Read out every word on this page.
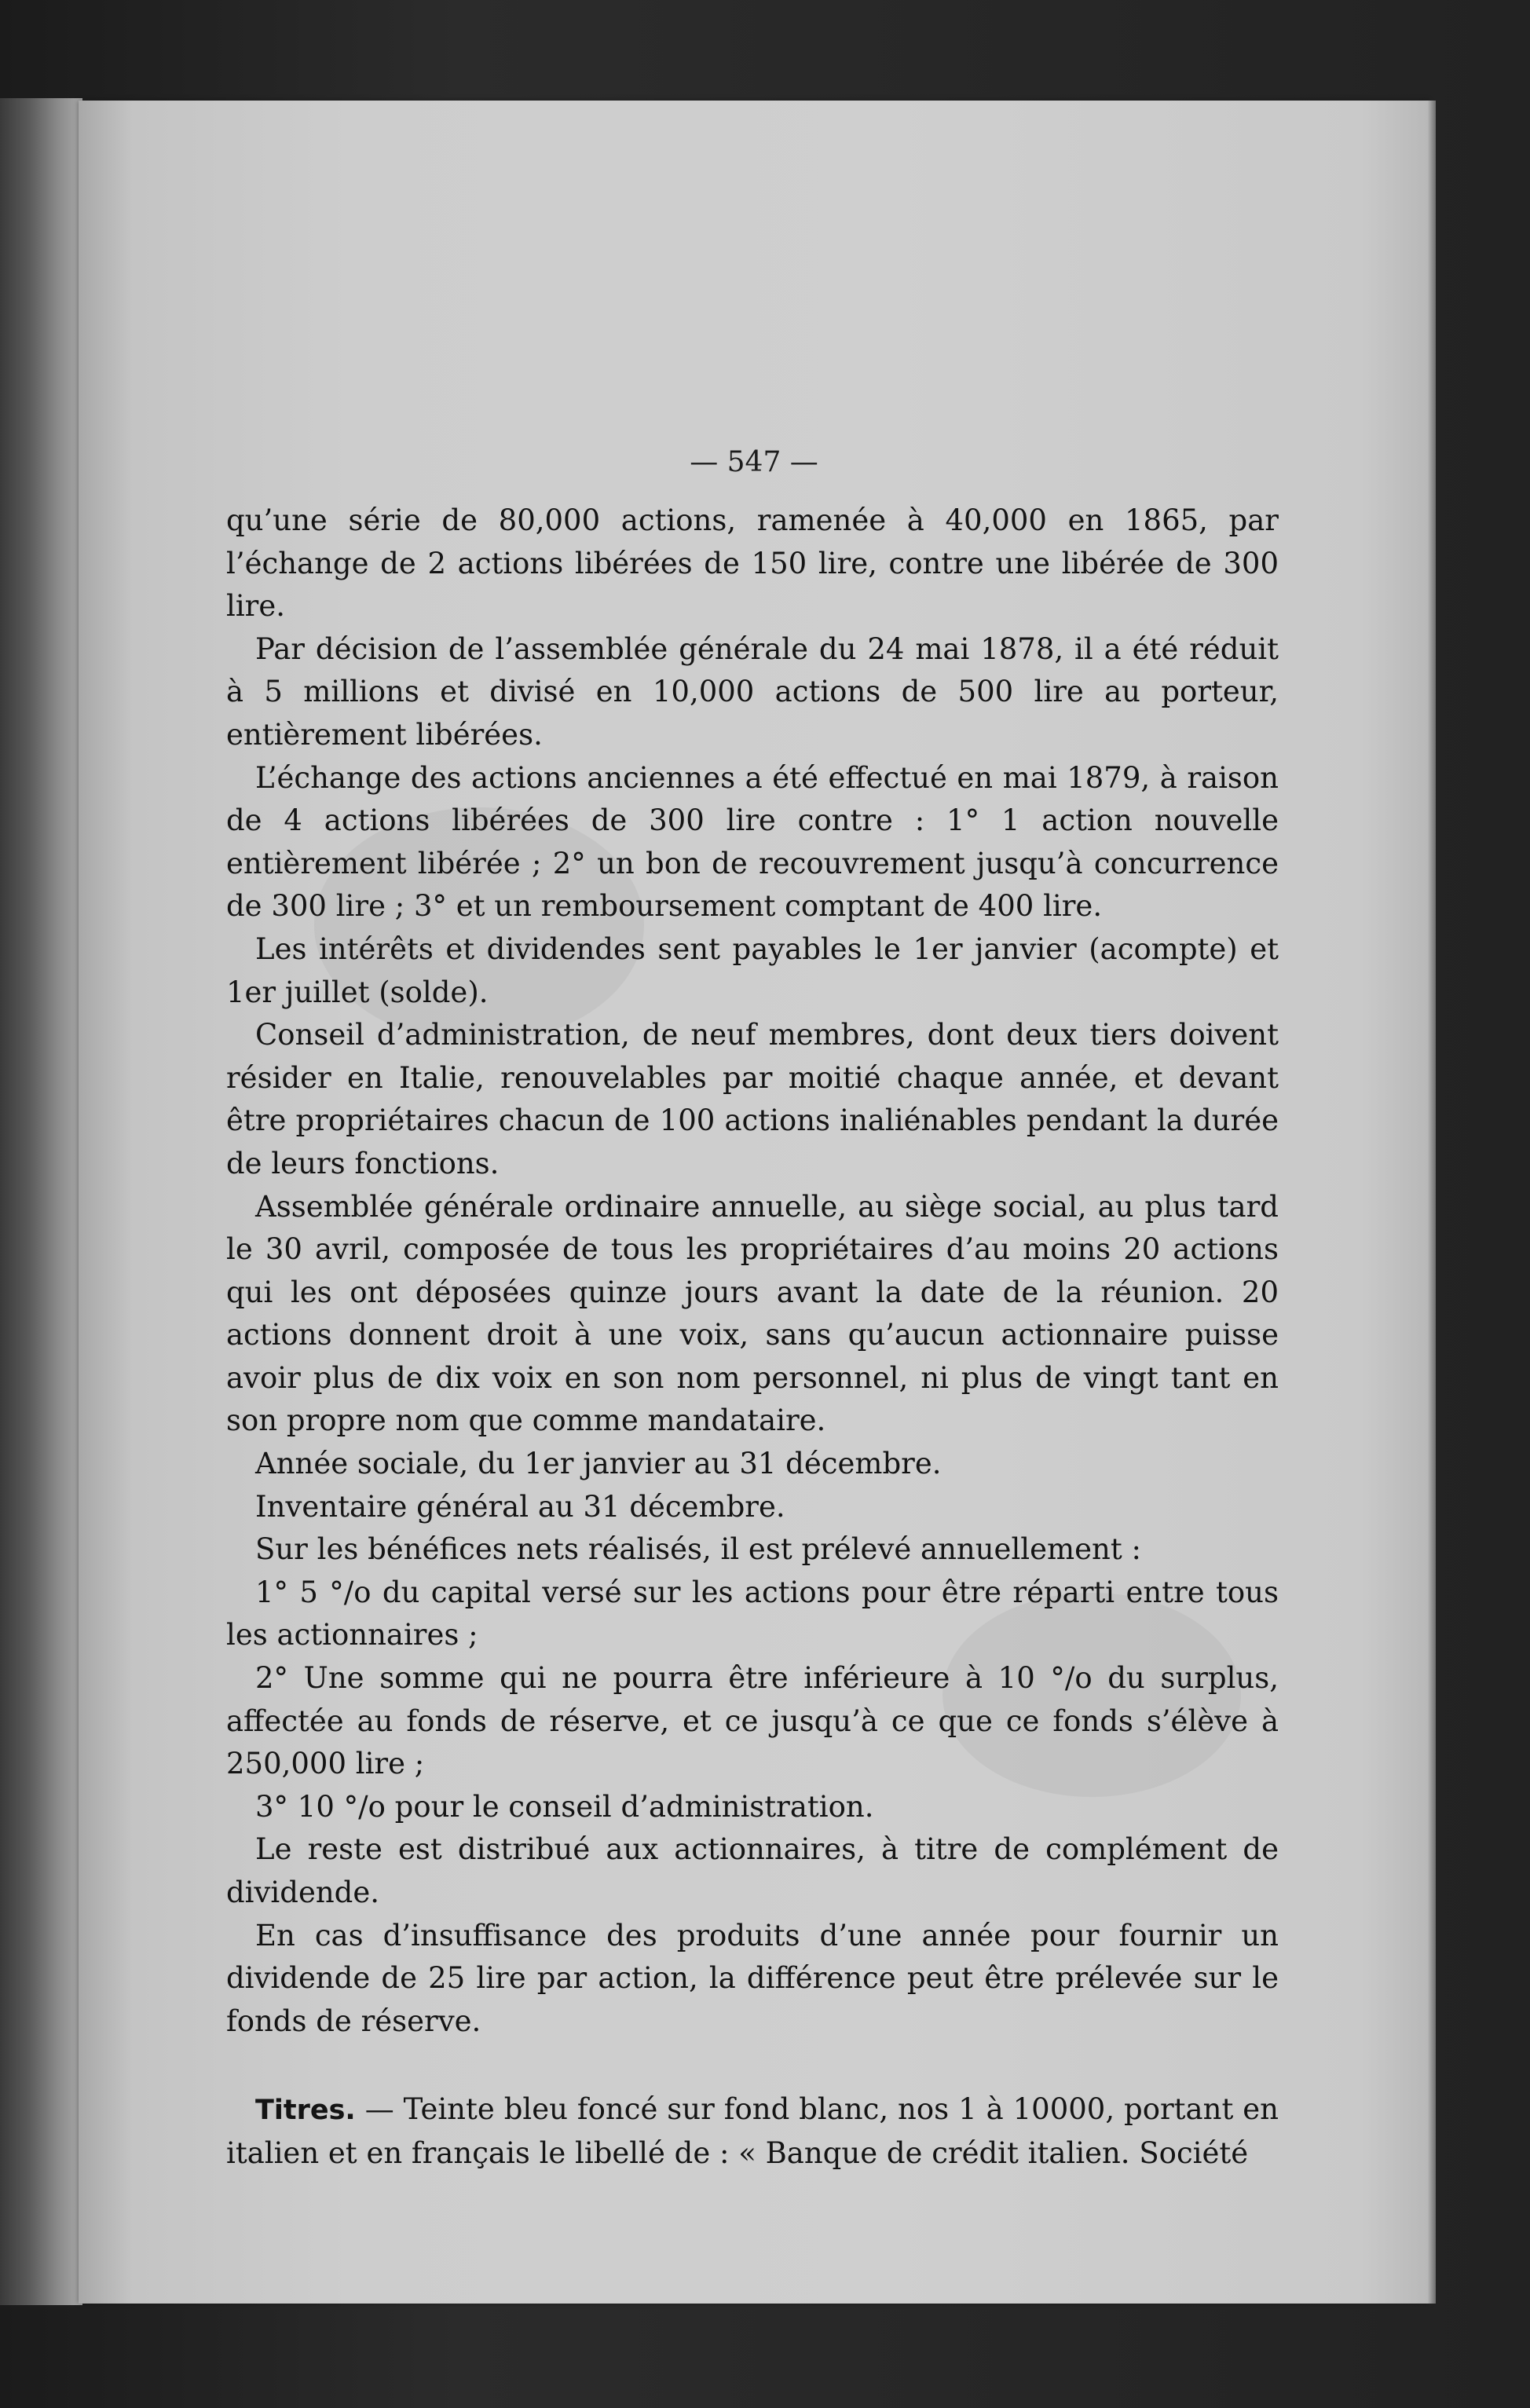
— 547 —

qu’une série de 80,000 actions, ramenée à 40,000 en 1865, par l’échange de 2 actions libérées de 150 lire, contre une libérée de 300 lire.

Par décision de l’assemblée générale du 24 mai 1878, il a été réduit à 5 millions et divisé en 10,000 actions de 500 lire au porteur, entièrement libérées.

L’échange des actions anciennes a été effectué en mai 1879, à raison de 4 actions libérées de 300 lire contre : 1° 1 action nouvelle entièrement libérée ; 2° un bon de recouvrement jusqu’à concurrence de 300 lire ; 3° et un remboursement comptant de 400 lire.

Les intérêts et dividendes sent payables le 1er janvier (acompte) et 1er juillet (solde).

Conseil d’administration, de neuf membres, dont deux tiers doivent résider en Italie, renouvelables par moitié chaque année, et devant être propriétaires chacun de 100 actions inaliénables pendant la durée de leurs fonctions.

Assemblée générale ordinaire annuelle, au siège social, au plus tard le 30 avril, composée de tous les propriétaires d’au moins 20 actions qui les ont déposées quinze jours avant la date de la réunion. 20 actions donnent droit à une voix, sans qu’aucun actionnaire puisse avoir plus de dix voix en son nom personnel, ni plus de vingt tant en son propre nom que comme mandataire.

Année sociale, du 1er janvier au 31 décembre.

Inventaire général au 31 décembre.

Sur les bénéfices nets réalisés, il est prélevé annuellement :

1° 5 °/o du capital versé sur les actions pour être réparti entre tous les actionnaires ;

2° Une somme qui ne pourra être inférieure à 10 °/o du surplus, affectée au fonds de réserve, et ce jusqu’à ce que ce fonds s’élève à 250,000 lire ;

3° 10 °/o pour le conseil d’administration.

Le reste est distribué aux actionnaires, à titre de complément de dividende.

En cas d’insuffisance des produits d’une année pour fournir un dividende de 25 lire par action, la différence peut être prélevée sur le fonds de réserve.

Titres. — Teinte bleu foncé sur fond blanc, nos 1 à 10000, portant en italien et en français le libellé de : « Banque de crédit italien. Société
